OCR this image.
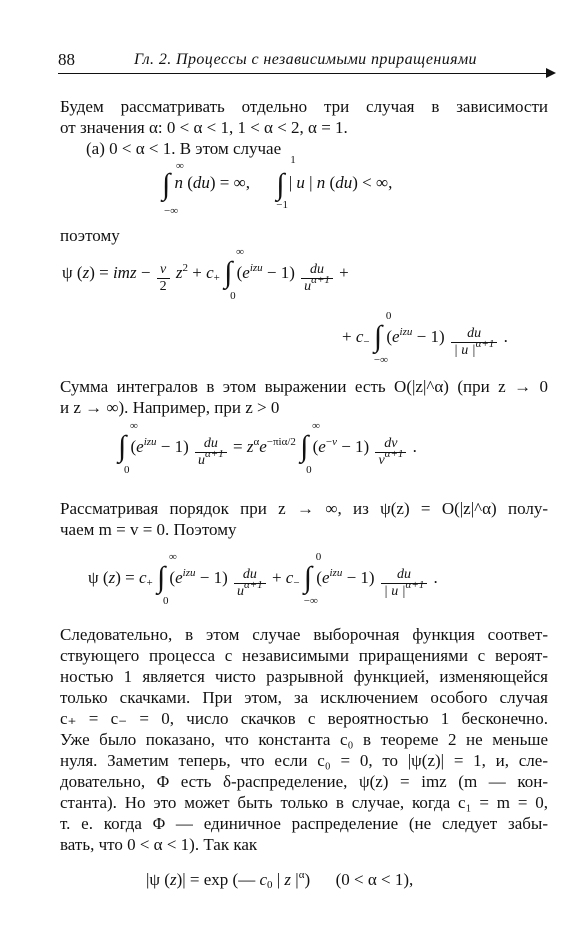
88	Гл. 2. Процессы с независимыми приращениями
Будем рассматривать отдельно три случая в зависимости
от значения α: 0 < α < 1, 1 < α < 2, α = 1.
(а) 0 < α < 1. В этом случае
∞
∫
−∞
n (du) = ∞,
1
∫
−1
| u | n (du) < ∞,
поэтому
ψ (z) = imz − $\frac{v}{2} z^2 + c_+$
∞
∫
0
$(e^{izu} - 1) \frac{du}{u^{\alpha+1}}$ +
+ $c_-$
0
∫
−∞
$(e^{izu} - 1) \frac{du}{| u |^{\alpha+1}}$ .
Сумма интегралов в этом выражении есть O(|z|^α) (при z → 0
и z → ∞). Например, при z > 0
∞
∫
0
$(e^{izu} - 1) \frac{du}{u^{\alpha+1}} = z^\alpha e^{-\pi i\alpha/2}$
∞
∫
0
$(e^{-v} - 1) \frac{dv}{v^{\alpha+1}}$ .
Рассматривая порядок при z → ∞, из ψ(z) = O(|z|^α) полу-
чаем m = v = 0. Поэтому
ψ $(z) = c_+$
∞
∫
0
$(e^{izu} - 1) \frac{du}{u^{\alpha+1}} + c_-$
0
∫
−∞
$(e^{izu} - 1) \frac{du}{| u |^{\alpha+1}}$ .
Следовательно, в этом случае выборочная функция соответ-
ствующего процесса с независимыми приращениями с вероят-
ностью 1 является чисто разрывной функцией, изменяющейся
только скачками. При этом, за исключением особого случая
c₊ = c₋ = 0, число скачков с вероятностью 1 бесконечно.
Уже было показано, что константа c₀ в теореме 2 не меньше
нуля. Заметим теперь, что если c₀ = 0, то |ψ(z)| = 1, и, сле-
довательно, Φ есть δ-распределение, ψ(z) = imz (m — кон-
станта). Но это может быть только в случае, когда c₁ = m = 0,
т. е. когда Φ — единичное распределение (не следует забы-
вать, что 0 < α < 1). Так как
|ψ (z)| = exp (— $c_0$ | z $|^\alpha$)      (0 < α < 1),
